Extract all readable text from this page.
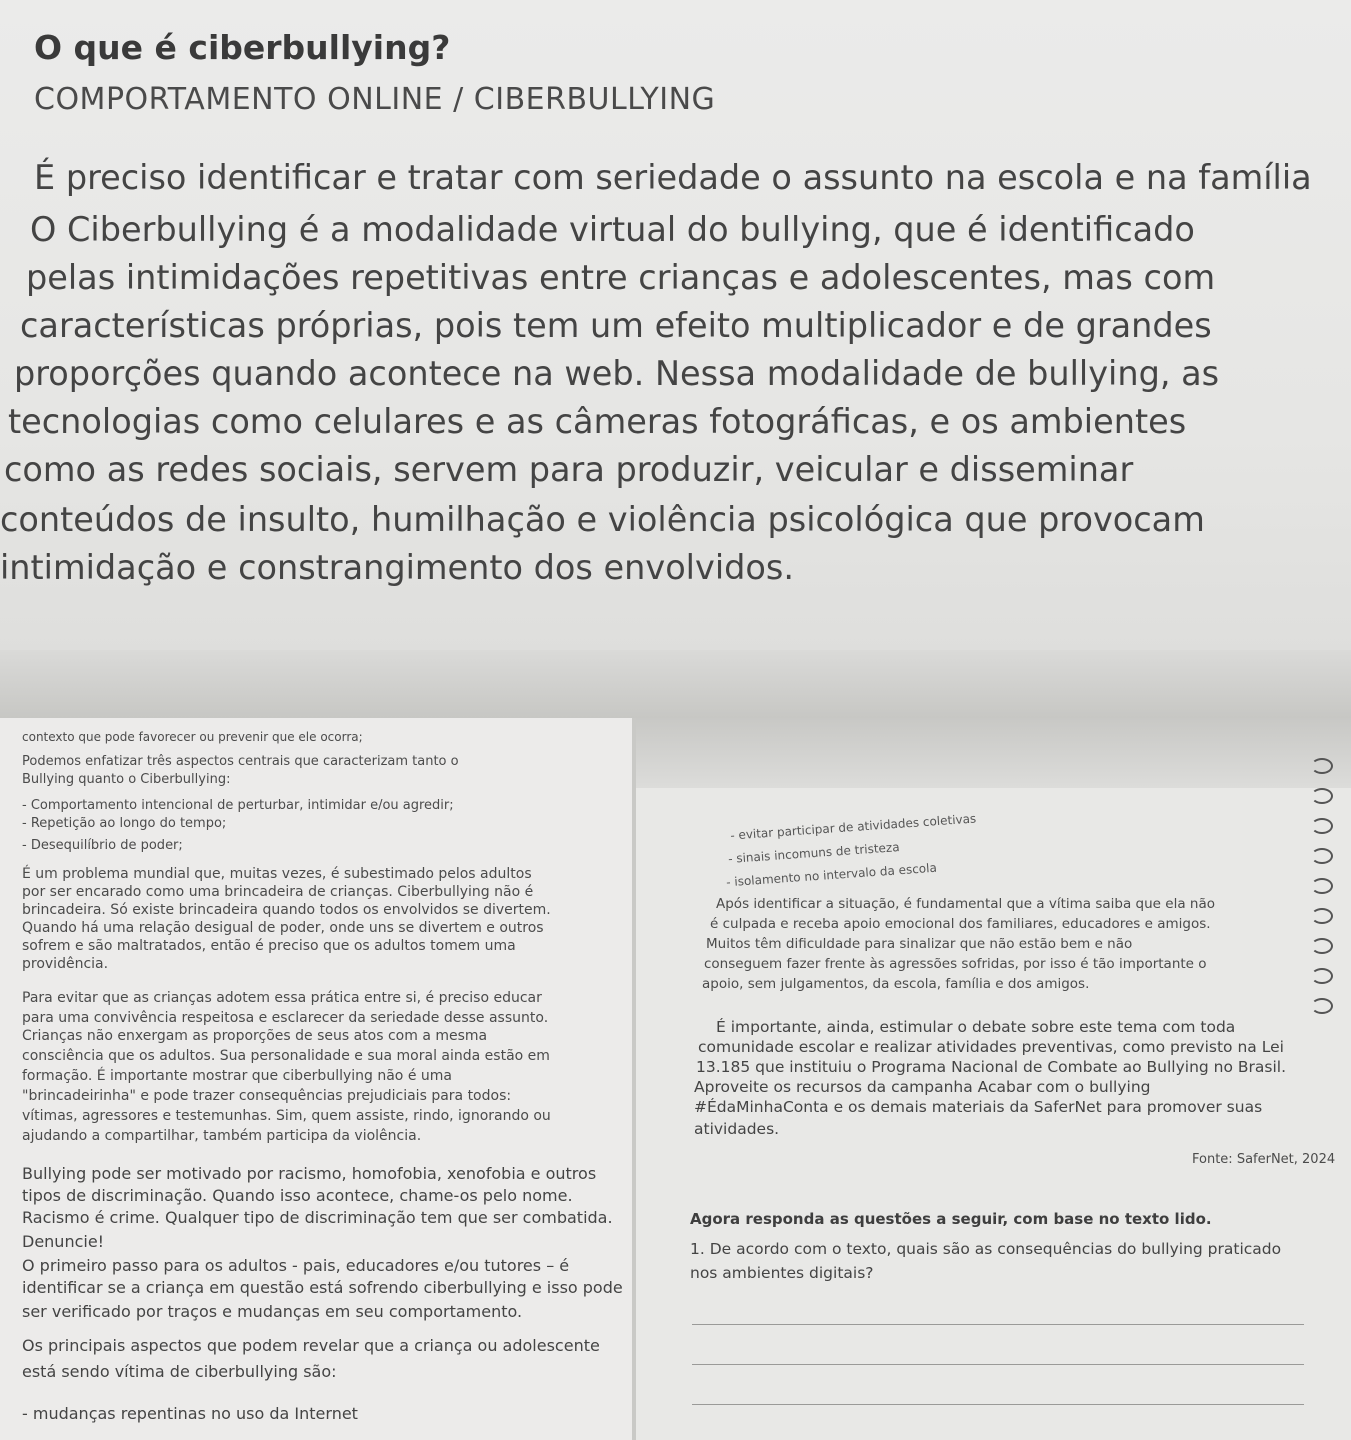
O que é ciberbullying?
COMPORTAMENTO ONLINE / CIBERBULLYING
É preciso identificar e tratar com seriedade o assunto na escola e na família
O Ciberbullying é a modalidade virtual do bullying, que é identificado
pelas intimidações repetitivas entre crianças e adolescentes, mas com
características próprias, pois tem um efeito multiplicador e de grandes
proporções quando acontece na web. Nessa modalidade de bullying, as
tecnologias como celulares e as câmeras fotográficas, e os ambientes
como as redes sociais, servem para produzir, veicular e disseminar
conteúdos de insulto, humilhação e violência psicológica que provocam
intimidação e constrangimento dos envolvidos.
contexto que pode favorecer ou prevenir que ele ocorra;
Podemos enfatizar três aspectos centrais que caracterizam tanto o
Bullying quanto o Ciberbullying:
- Comportamento intencional de perturbar, intimidar e/ou agredir;
- Repetição ao longo do tempo;
- Desequilíbrio de poder;
É um problema mundial que, muitas vezes, é subestimado pelos adultos
por ser encarado como uma brincadeira de crianças. Ciberbullying não é
brincadeira. Só existe brincadeira quando todos os envolvidos se divertem.
Quando há uma relação desigual de poder, onde uns se divertem e outros
sofrem e são maltratados, então é preciso que os adultos tomem uma
providência.
Para evitar que as crianças adotem essa prática entre si, é preciso educar
para uma convivência respeitosa e esclarecer da seriedade desse assunto.
Crianças não enxergam as proporções de seus atos com a mesma
consciência que os adultos. Sua personalidade e sua moral ainda estão em
formação. É importante mostrar que ciberbullying não é uma
"brincadeirinha" e pode trazer consequências prejudiciais para todos:
vítimas, agressores e testemunhas. Sim, quem assiste, rindo, ignorando ou
ajudando a compartilhar, também participa da violência.
Bullying pode ser motivado por racismo, homofobia, xenofobia e outros
tipos de discriminação. Quando isso acontece, chame-os pelo nome.
Racismo é crime. Qualquer tipo de discriminação tem que ser combatida.
Denuncie!
O primeiro passo para os adultos - pais, educadores e/ou tutores – é
identificar se a criança em questão está sofrendo ciberbullying e isso pode
ser verificado por traços e mudanças em seu comportamento.
Os principais aspectos que podem revelar que a criança ou adolescente
está sendo vítima de ciberbullying são:
- mudanças repentinas no uso da Internet
- evitar participar de atividades coletivas
- sinais incomuns de tristeza
- isolamento no intervalo da escola
Após identificar a situação, é fundamental que a vítima saiba que ela não
é culpada e receba apoio emocional dos familiares, educadores e amigos.
Muitos têm dificuldade para sinalizar que não estão bem e não
conseguem fazer frente às agressões sofridas, por isso é tão importante o
apoio, sem julgamentos, da escola, família e dos amigos.
É importante, ainda, estimular o debate sobre este tema com toda
comunidade escolar e realizar atividades preventivas, como previsto na Lei
13.185 que instituiu o Programa Nacional de Combate ao Bullying no Brasil.
Aproveite os recursos da campanha Acabar com o bullying
#ÉdaMinhaConta e os demais materiais da SaferNet para promover suas
atividades.
Fonte: SaferNet, 2024
Agora responda as questões a seguir, com base no texto lido.
1. De acordo com o texto, quais são as consequências do bullying praticado
nos ambientes digitais?
